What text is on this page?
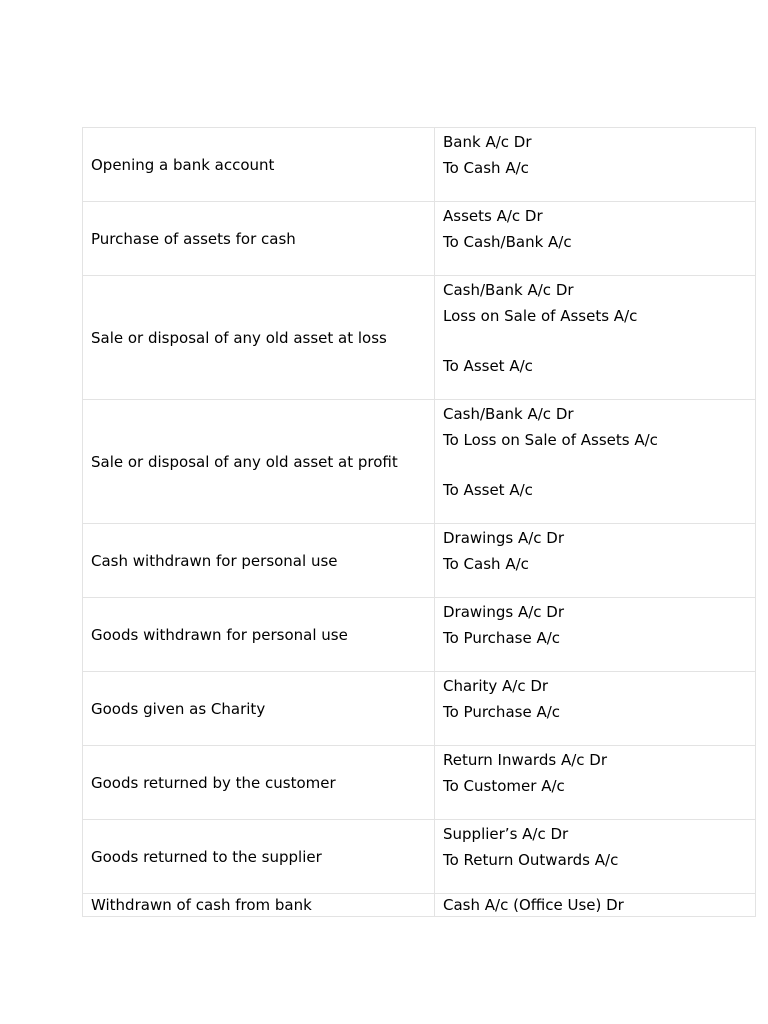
Opening a bank account	Bank A/c Dr
To Cash A/c

Purchase of assets for cash	Assets A/c Dr
To Cash/Bank A/c

Sale or disposal of any old asset at loss	Cash/Bank A/c Dr
Loss on Sale of Assets A/c
To Asset A/c

Sale or disposal of any old asset at profit	Cash/Bank A/c Dr
To Loss on Sale of Assets A/c
To Asset A/c

Cash withdrawn for personal use	Drawings A/c Dr
To Cash A/c

Goods withdrawn for personal use	Drawings A/c Dr
To Purchase A/c

Goods given as Charity	Charity A/c Dr
To Purchase A/c

Goods returned by the customer	Return Inwards A/c Dr
To Customer A/c

Goods returned to the supplier	Supplier’s A/c Dr
To Return Outwards A/c

Withdrawn of cash from bank	Cash A/c (Office Use) Dr
